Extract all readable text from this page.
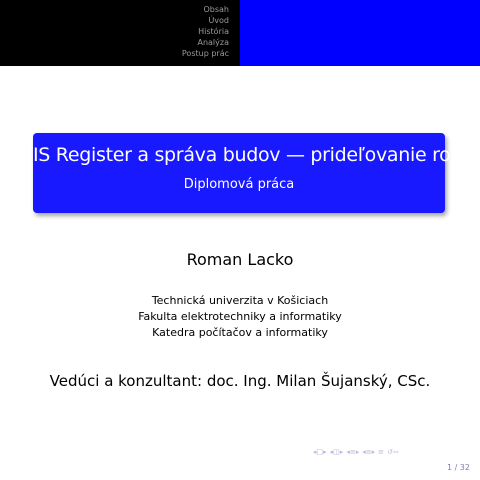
Obsah
Úvod
História
Analýza
Postup prác
IS Register a správa budov — prideľovanie rolí
Diplomová práca
Roman Lacko
Technická univerzita v Košiciach
Fakulta elektrotechniky a informatiky
Katedra počítačov a informatiky
Vedúci a konzultant: doc. Ing. Milan Šujanský, CSc.
◂□▸ ◂◫▸ ◂≡▸ ◂≡▸ ≡ ↺∾
1 / 32
